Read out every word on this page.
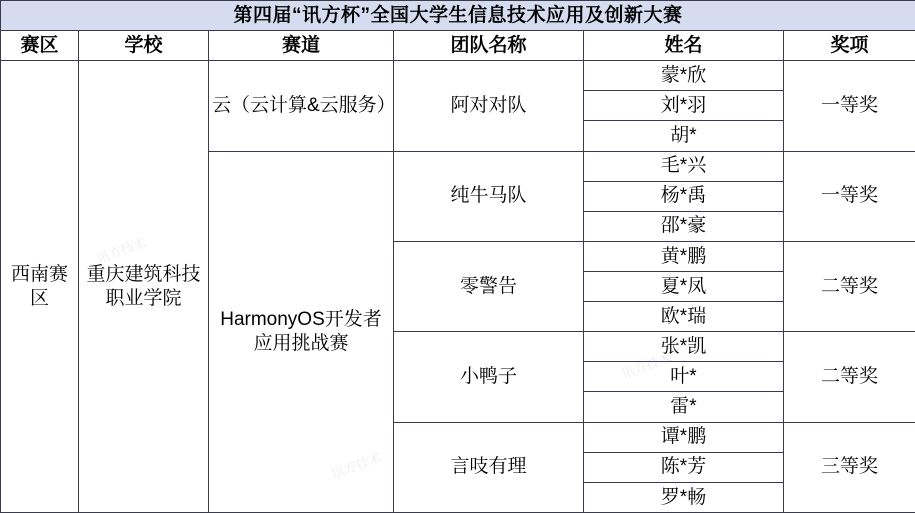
第四届“讯方杯”全国大学生信息技术应用及创新大赛					
赛区	学校	赛道	团队名称	姓名	奖项
西南赛区	重庆建筑科技职业学院	云（云计算&云服务）	阿对对队	蒙*欣	一等奖
				刘*羽	
				胡*	
		HarmonyOS开发者应用挑战赛	纯牛马队	毛*兴	一等奖
				杨*禹	
				邵*豪	
			零警告	黄*鹏	二等奖
				夏*凤	
				欧*瑞	
			小鸭子	张*凯	二等奖
				叶*	
				雷*	
			言吱有理	谭*鹏	三等奖
				陈*芳	
				罗*畅	
